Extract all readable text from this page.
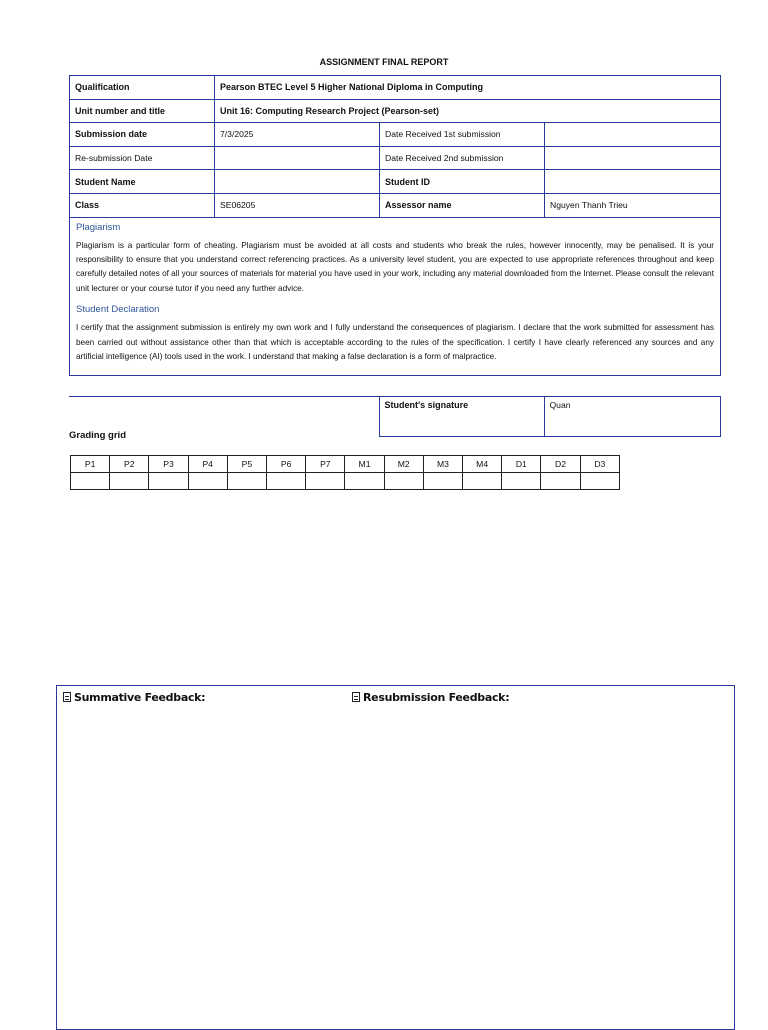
ASSIGNMENT FINAL REPORT
Qualification	Pearson BTEC Level 5 Higher National Diploma in Computing		
Unit number and title	Unit 16: Computing Research Project (Pearson-set)		
Submission date	7/3/2025	Date Received 1st submission	
Re-submission Date		Date Received 2nd submission	
Student Name		Student ID	
Class	SE06205	Assessor name	Nguyen Thanh Trieu

Plagiarism

Plagiarism is a particular form of cheating. Plagiarism must be avoided at all costs and students who break the rules, however innocently, may be penalised. It is your responsibility to ensure that you understand correct referencing practices. As a university level student, you are expected to use appropriate references throughout and keep carefully detailed notes of all your sources of materials for material you have used in your work, including any material downloaded from the Internet. Please consult the relevant unit lecturer or your course tutor if you need any further advice.

Student Declaration

I certify that the assignment submission is entirely my own work and I fully understand the consequences of plagiarism. I declare that the work submitted for assessment has been carried out without assistance other than that which is acceptable according to the rules of the specification. I certify I have clearly referenced any sources and any artificial intelligence (AI) tools used in the work. I understand that making a false declaration is a form of malpractice.			

		Student's signature	Quan
Grading grid
P1	P2	P3	P4	P5	P6	P7	M1	M2	M3	M4	D1	D2	D3

Summative Feedback:	Resubmission Feedback:
